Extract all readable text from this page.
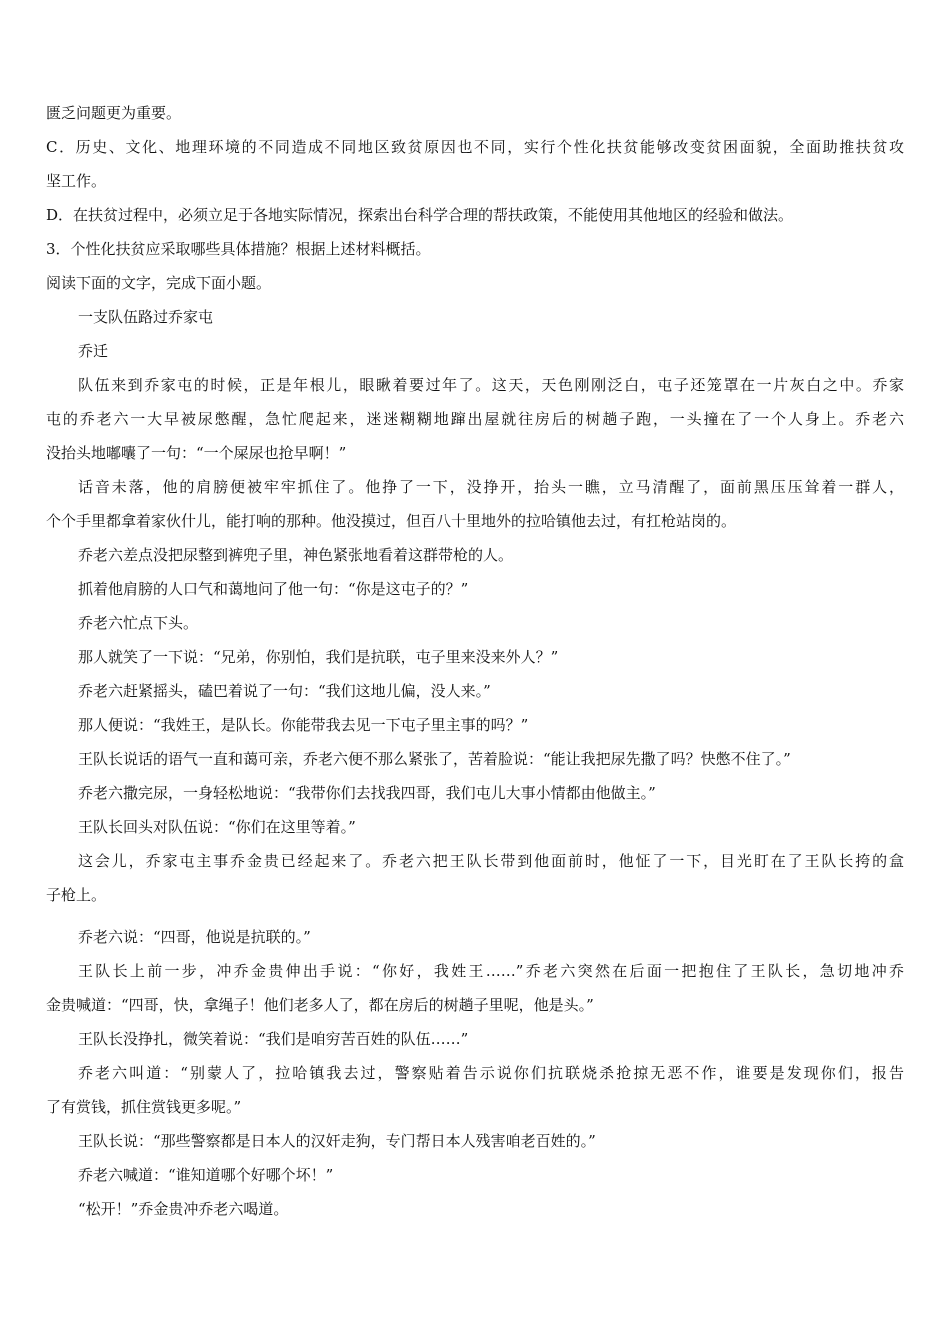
匮乏问题更为重要。

C．历史、文化、地理环境的不同造成不同地区致贫原因也不同，实行个性化扶贫能够改变贫困面貌，全面助推扶贫攻

坚工作。

D．在扶贫过程中，必须立足于各地实际情况，探索出台科学合理的帮扶政策，不能使用其他地区的经验和做法。

3．个性化扶贫应采取哪些具体措施？根据上述材料概括。

阅读下面的文字，完成下面小题。

一支队伍路过乔家屯

乔迁

队伍来到乔家屯的时候，正是年根儿，眼瞅着要过年了。这天，天色刚刚泛白，屯子还笼罩在一片灰白之中。乔家

屯的乔老六一大早被尿憋醒，急忙爬起来，迷迷糊糊地蹿出屋就往房后的树趟子跑，一头撞在了一个人身上。乔老六

没抬头地嘟囔了一句：“一个屎尿也抢早啊！”

话音未落，他的肩膀便被牢牢抓住了。他挣了一下，没挣开，抬头一瞧，立马清醒了，面前黑压压耸着一群人，

个个手里都拿着家伙什儿，能打响的那种。他没摸过，但百八十里地外的拉哈镇他去过，有扛枪站岗的。

乔老六差点没把尿整到裤兜子里，神色紧张地看着这群带枪的人。

抓着他肩膀的人口气和蔼地问了他一句：“你是这屯子的？”

乔老六忙点下头。

那人就笑了一下说：“兄弟，你别怕，我们是抗联，屯子里来没来外人？”

乔老六赶紧摇头，磕巴着说了一句：“我们这地儿偏，没人来。”

那人便说：“我姓王，是队长。你能带我去见一下屯子里主事的吗？”

王队长说话的语气一直和蔼可亲，乔老六便不那么紧张了，苦着脸说：“能让我把尿先撒了吗？快憋不住了。”

乔老六撒完尿，一身轻松地说：“我带你们去找我四哥，我们屯儿大事小情都由他做主。”

王队长回头对队伍说：“你们在这里等着。”

这会儿，乔家屯主事乔金贵已经起来了。乔老六把王队长带到他面前时，他怔了一下，目光盯在了王队长挎的盒

子枪上。

乔老六说：“四哥，他说是抗联的。”

王队长上前一步，冲乔金贵伸出手说：“你好，我姓王……”乔老六突然在后面一把抱住了王队长，急切地冲乔

金贵喊道：“四哥，快，拿绳子！他们老多人了，都在房后的树趟子里呢，他是头。”

王队长没挣扎，微笑着说：“我们是咱穷苦百姓的队伍……”

乔老六叫道：“别蒙人了，拉哈镇我去过，警察贴着告示说你们抗联烧杀抢掠无恶不作，谁要是发现你们，报告

了有赏钱，抓住赏钱更多呢。”

王队长说：“那些警察都是日本人的汉奸走狗，专门帮日本人残害咱老百姓的。”

乔老六喊道：“谁知道哪个好哪个坏！”

“松开！”乔金贵冲乔老六喝道。
